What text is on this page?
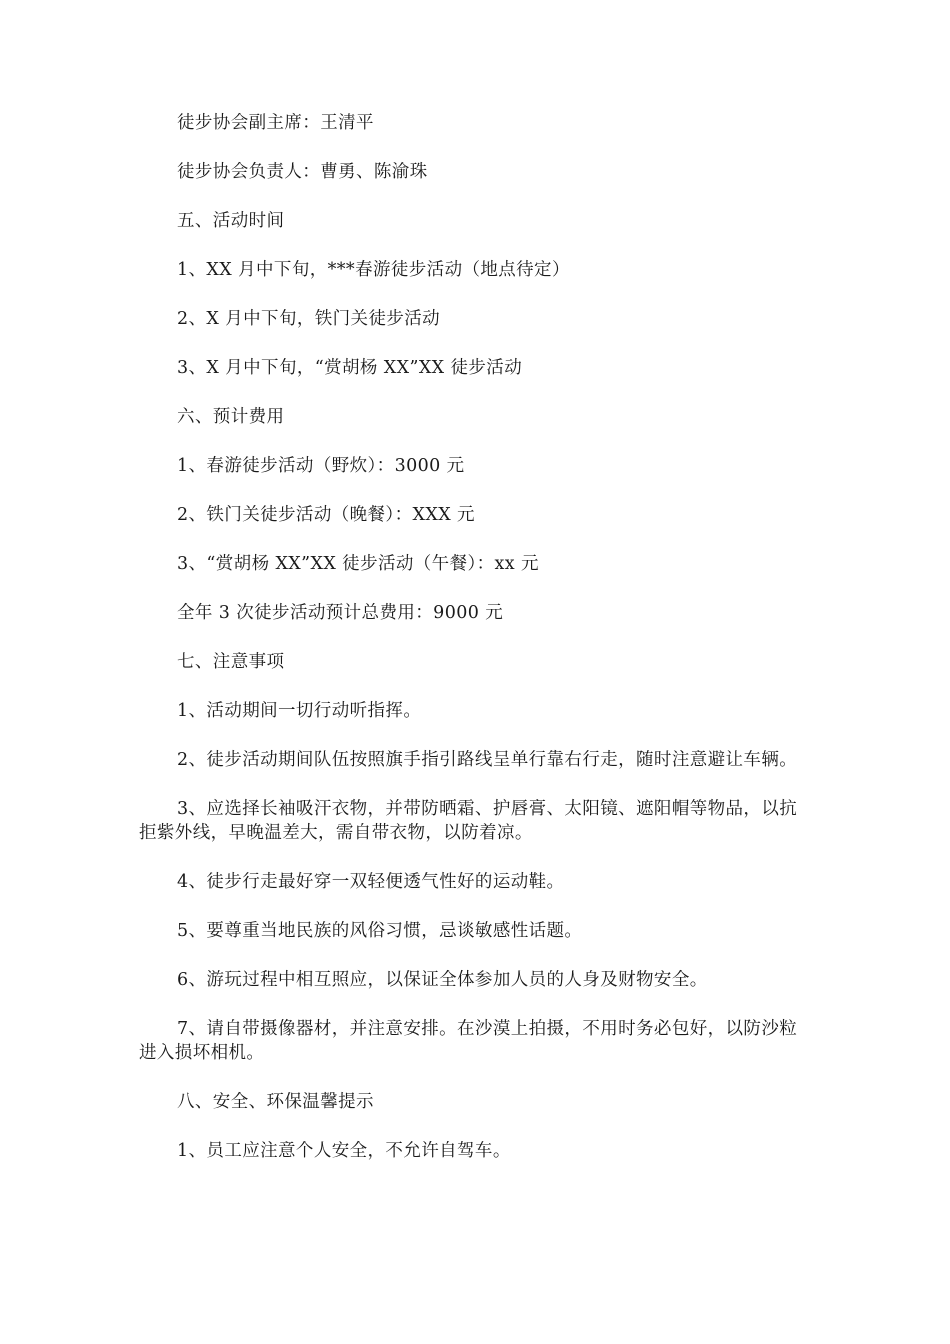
徒步协会副主席：王清平

徒步协会负责人：曹勇、陈渝珠

五、活动时间

1、XX 月中下旬，***春游徒步活动（地点待定）

2、X 月中下旬，铁门关徒步活动

3、X 月中下旬，“赏胡杨 XX”XX 徒步活动

六、预计费用

1、春游徒步活动（野炊）：3000 元

2、铁门关徒步活动（晚餐）：XXX 元

3、“赏胡杨 XX”XX 徒步活动（午餐）：xx 元

全年 3 次徒步活动预计总费用：9000 元

七、注意事项

1、活动期间一切行动听指挥。

2、徒步活动期间队伍按照旗手指引路线呈单行靠右行走，随时注意避让车辆。

3、应选择长袖吸汗衣物，并带防晒霜、护唇膏、太阳镜、遮阳帽等物品，以抗拒紫外线，早晚温差大，需自带衣物，以防着凉。

4、徒步行走最好穿一双轻便透气性好的运动鞋。

5、要尊重当地民族的风俗习惯，忌谈敏感性话题。

6、游玩过程中相互照应，以保证全体参加人员的人身及财物安全。

7、请自带摄像器材，并注意安排。在沙漠上拍摄，不用时务必包好，以防沙粒进入损坏相机。

八、安全、环保温馨提示

1、员工应注意个人安全，不允许自驾车。
